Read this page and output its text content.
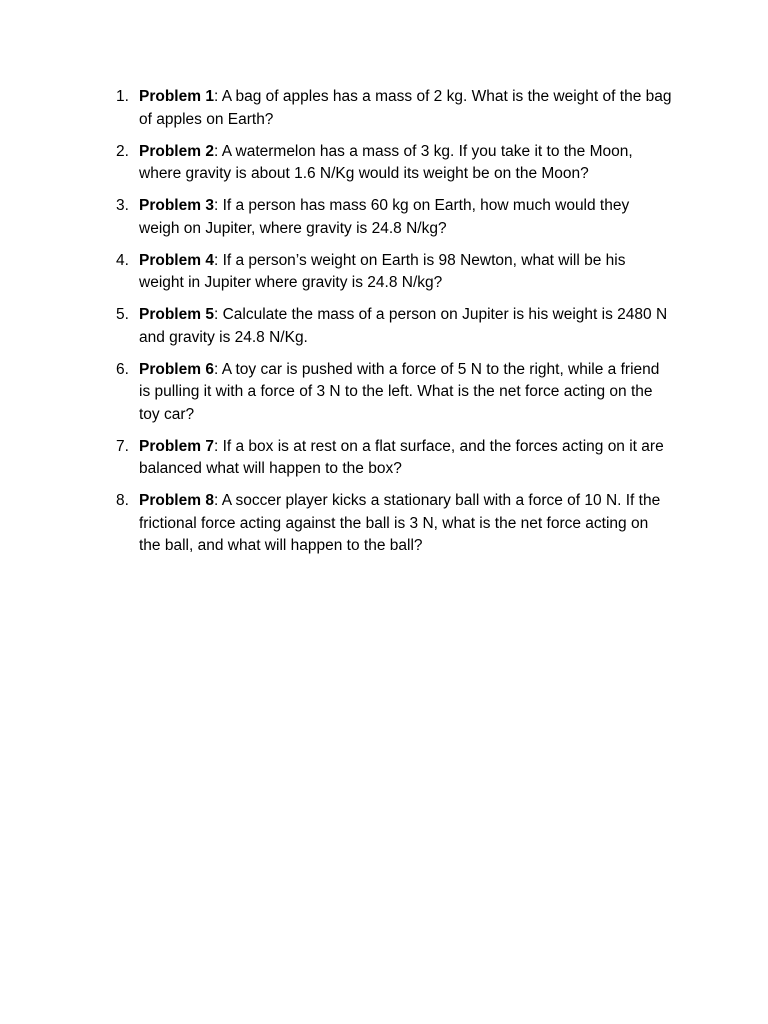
1. Problem 1: A bag of apples has a mass of 2 kg. What is the weight of the bag of apples on Earth?
2. Problem 2: A watermelon has a mass of 3 kg. If you take it to the Moon, where gravity is about 1.6 N/Kg would its weight be on the Moon?
3. Problem 3: If a person has mass 60 kg on Earth, how much would they weigh on Jupiter, where gravity is 24.8 N/kg?
4. Problem 4: If a person’s weight on Earth is 98 Newton, what will be his weight in Jupiter where gravity is 24.8 N/kg?
5. Problem 5: Calculate the mass of a person on Jupiter is his weight is 2480 N and gravity is 24.8 N/Kg.
6. Problem 6: A toy car is pushed with a force of 5 N to the right, while a friend is pulling it with a force of 3 N to the left. What is the net force acting on the toy car?
7. Problem 7: If a box is at rest on a flat surface, and the forces acting on it are balanced what will happen to the box?
8. Problem 8: A soccer player kicks a stationary ball with a force of 10 N. If the frictional force acting against the ball is 3 N, what is the net force acting on the ball, and what will happen to the ball?
